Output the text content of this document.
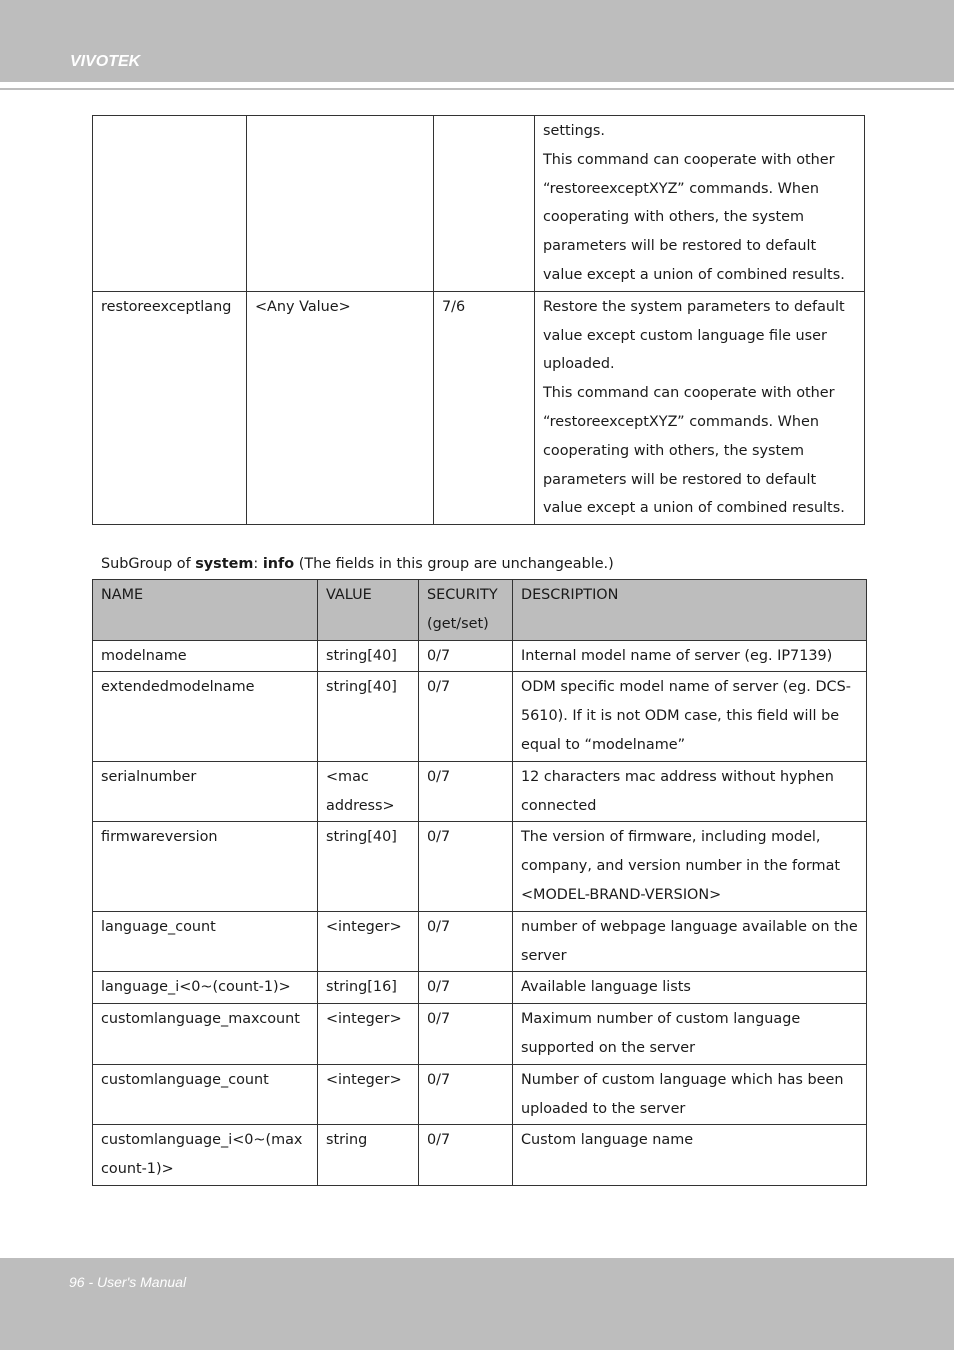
VIVOTEK

			settings.
This command can cooperate with other “restoreexceptXYZ” commands. When cooperating with others, the system parameters will be restored to default value except a union of combined results.

restoreexceptlang	<Any Value>	7/6	Restore the system parameters to default value except custom language file user uploaded.
This command can cooperate with other “restoreexceptXYZ” commands. When cooperating with others, the system parameters will be restored to default value except a union of combined results.
SubGroup of system: info (The fields in this group are unchangeable.)
NAME	VALUE	SECURITY (get/set)	DESCRIPTION
modelname	string[40]	0/7	Internal model name of server (eg. IP7139)
extendedmodelname	string[40]	0/7	ODM specific model name of server (eg. DCS-5610). If it is not ODM case, this field will be equal to “modelname”
serialnumber	<mac address>	0/7	12 characters mac address without hyphen connected
firmwareversion	string[40]	0/7	The version of firmware, including model, company, and version number in the format <MODEL-BRAND-VERSION>
language_count	<integer>	0/7	number of webpage language available on the server
language_i<0~(count-1)>	string[16]	0/7	Available language lists
customlanguage_maxcount	<integer>	0/7	Maximum number of custom language supported on the server
customlanguage_count	<integer>	0/7	Number of custom language which has been uploaded to the server
customlanguage_i<0~(max count-1)>	string	0/7	Custom language name
96 - User's Manual
